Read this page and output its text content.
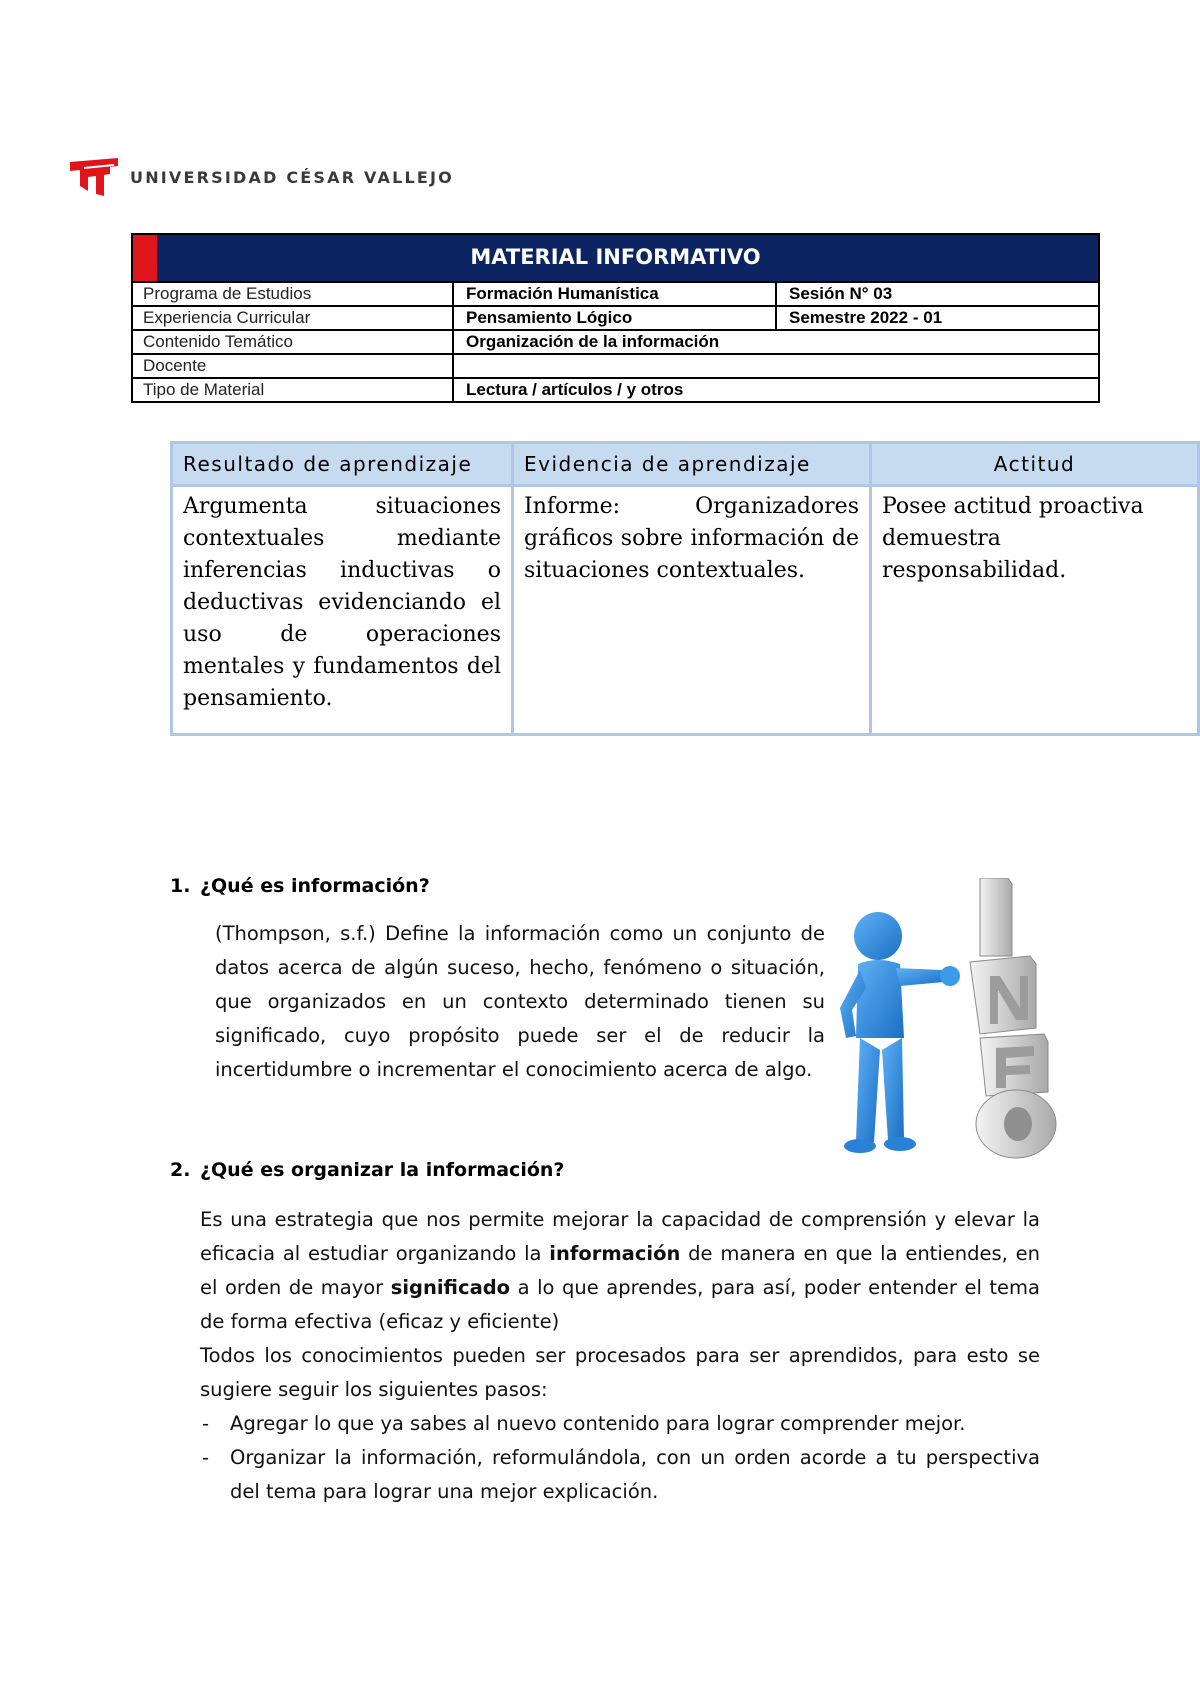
UNIVERSIDAD CÉSAR VALLEJO
MATERIAL INFORMATIVO
Programa de Estudios	Formación Humanística	Sesión N° 03
Experiencia Curricular	Pensamiento Lógico	Semestre 2022 - 01
Contenido Temático	Organización de la información
Docente
Tipo de Material	Lectura / artículos / y otros
Resultado de aprendizaje	Evidencia de aprendizaje	Actitud
Argumenta situaciones contextuales mediante inferencias inductivas o deductivas evidenciando el uso de operaciones mentales y fundamentos del pensamiento.	Informe: Organizadores gráficos sobre información de situaciones contextuales.	Posee actitud proactiva demuestra responsabilidad.
1. ¿Qué es información?

(Thompson, s.f.) Define la información como un conjunto de datos acerca de algún suceso, hecho, fenómeno o situación, que organizados en un contexto determinado tienen su significado, cuyo propósito puede ser el de reducir la incertidumbre o incrementar el conocimiento acerca de algo.

2. ¿Qué es organizar la información?

Es una estrategia que nos permite mejorar la capacidad de comprensión y elevar la eficacia al estudiar organizando la información de manera en que la entiendes, en el orden de mayor significado a lo que aprendes, para así, poder entender el tema de forma efectiva (eficaz y eficiente)

Todos los conocimientos pueden ser procesados para ser aprendidos, para esto se sugiere seguir los siguientes pasos:

- Agregar lo que ya sabes al nuevo contenido para lograr comprender mejor.
- Organizar la información, reformulándola, con un orden acorde a tu perspectiva del tema para lograr una mejor explicación.
